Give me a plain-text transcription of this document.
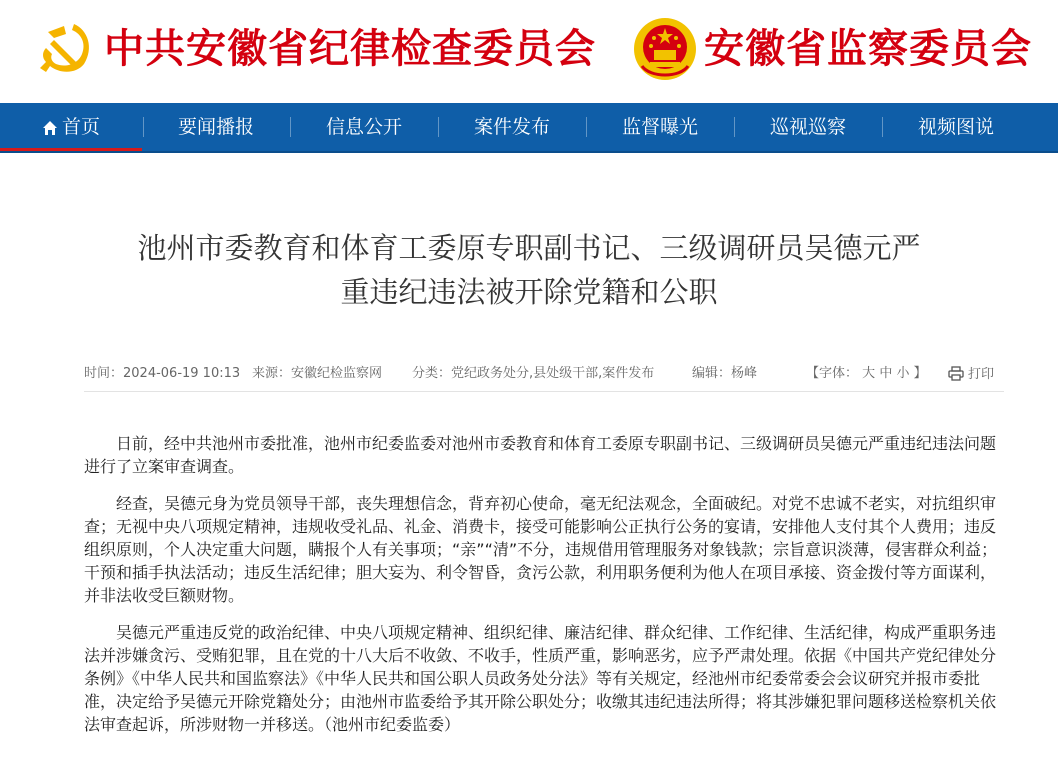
中共安徽省纪律检查委员会	安徽省监察委员会
首页	要闻播报	信息公开	案件发布	监督曝光	巡视巡察	视频图说
池州市委教育和体育工委原专职副书记、三级调研员吴德元严
重违纪违法被开除党籍和公职
时间：2024-06-19 10:13 来源：安徽纪检监察网 分类：党纪政务处分,县处级干部,案件发布	编辑：杨峰	【字体： 大 中 小 】	打印

日前，经中共池州市委批准，池州市纪委监委对池州市委教育和体育工委原专职副书记、三级调研员吴德元严重违纪违法问题进行了立案审查调查。

经查，吴德元身为党员领导干部，丧失理想信念，背弃初心使命，毫无纪法观念，全面破纪。对党不忠诚不老实，对抗组织审查；无视中央八项规定精神，违规收受礼品、礼金、消费卡，接受可能影响公正执行公务的宴请，安排他人支付其个人费用；违反组织原则，个人决定重大问题，瞒报个人有关事项；“亲”“清”不分，违规借用管理服务对象钱款；宗旨意识淡薄，侵害群众利益；干预和插手执法活动；违反生活纪律；胆大妄为、利令智昏，贪污公款，利用职务便利为他人在项目承接、资金拨付等方面谋利，并非法收受巨额财物。

吴德元严重违反党的政治纪律、中央八项规定精神、组织纪律、廉洁纪律、群众纪律、工作纪律、生活纪律，构成严重职务违法并涉嫌贪污、受贿犯罪，且在党的十八大后不收敛、不收手，性质严重，影响恶劣，应予严肃处理。依据《中国共产党纪律处分条例》《中华人民共和国监察法》《中华人民共和国公职人员政务处分法》等有关规定，经池州市纪委常委会会议研究并报市委批准，决定给予吴德元开除党籍处分；由池州市监委给予其开除公职处分；收缴其违纪违法所得；将其涉嫌犯罪问题移送检察机关依法审查起诉，所涉财物一并移送。（池州市纪委监委）
